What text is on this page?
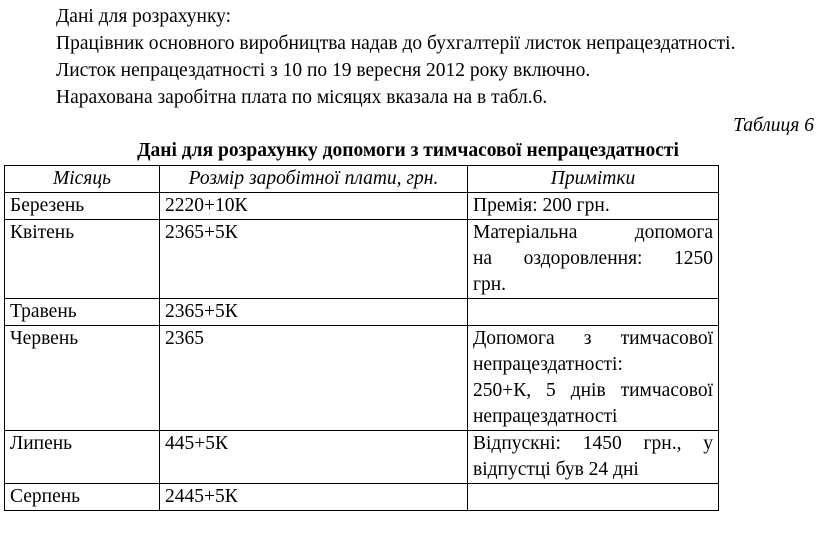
Дані для розрахунку:
Працівник основного виробництва надав до бухгалтерії листок непрацездатності.
Листок непрацездатності з 10 по 19 вересня 2012 року включно.
Нарахована заробітна плата по місяцях вказала на в табл.6.
Таблиця 6
Дані для розрахунку допомоги з тимчасової непрацездатності
Місяць	Розмір заробітної плати, грн.	Примітки
Березень	2220+10К	Премія: 200 грн.

Квітень	2365+5К	Матеріальна допомога
на оздоровлення: 1250
грн.

Травень	2365+5К	
Червень	2365	Допомога з тимчасової
непрацездатності:
250+К, 5 днів тимчасової
непрацездатності

Липень	445+5К	Відпускні: 1450 грн., у
відпустці був 24 дні

Серпень	2445+5К	
